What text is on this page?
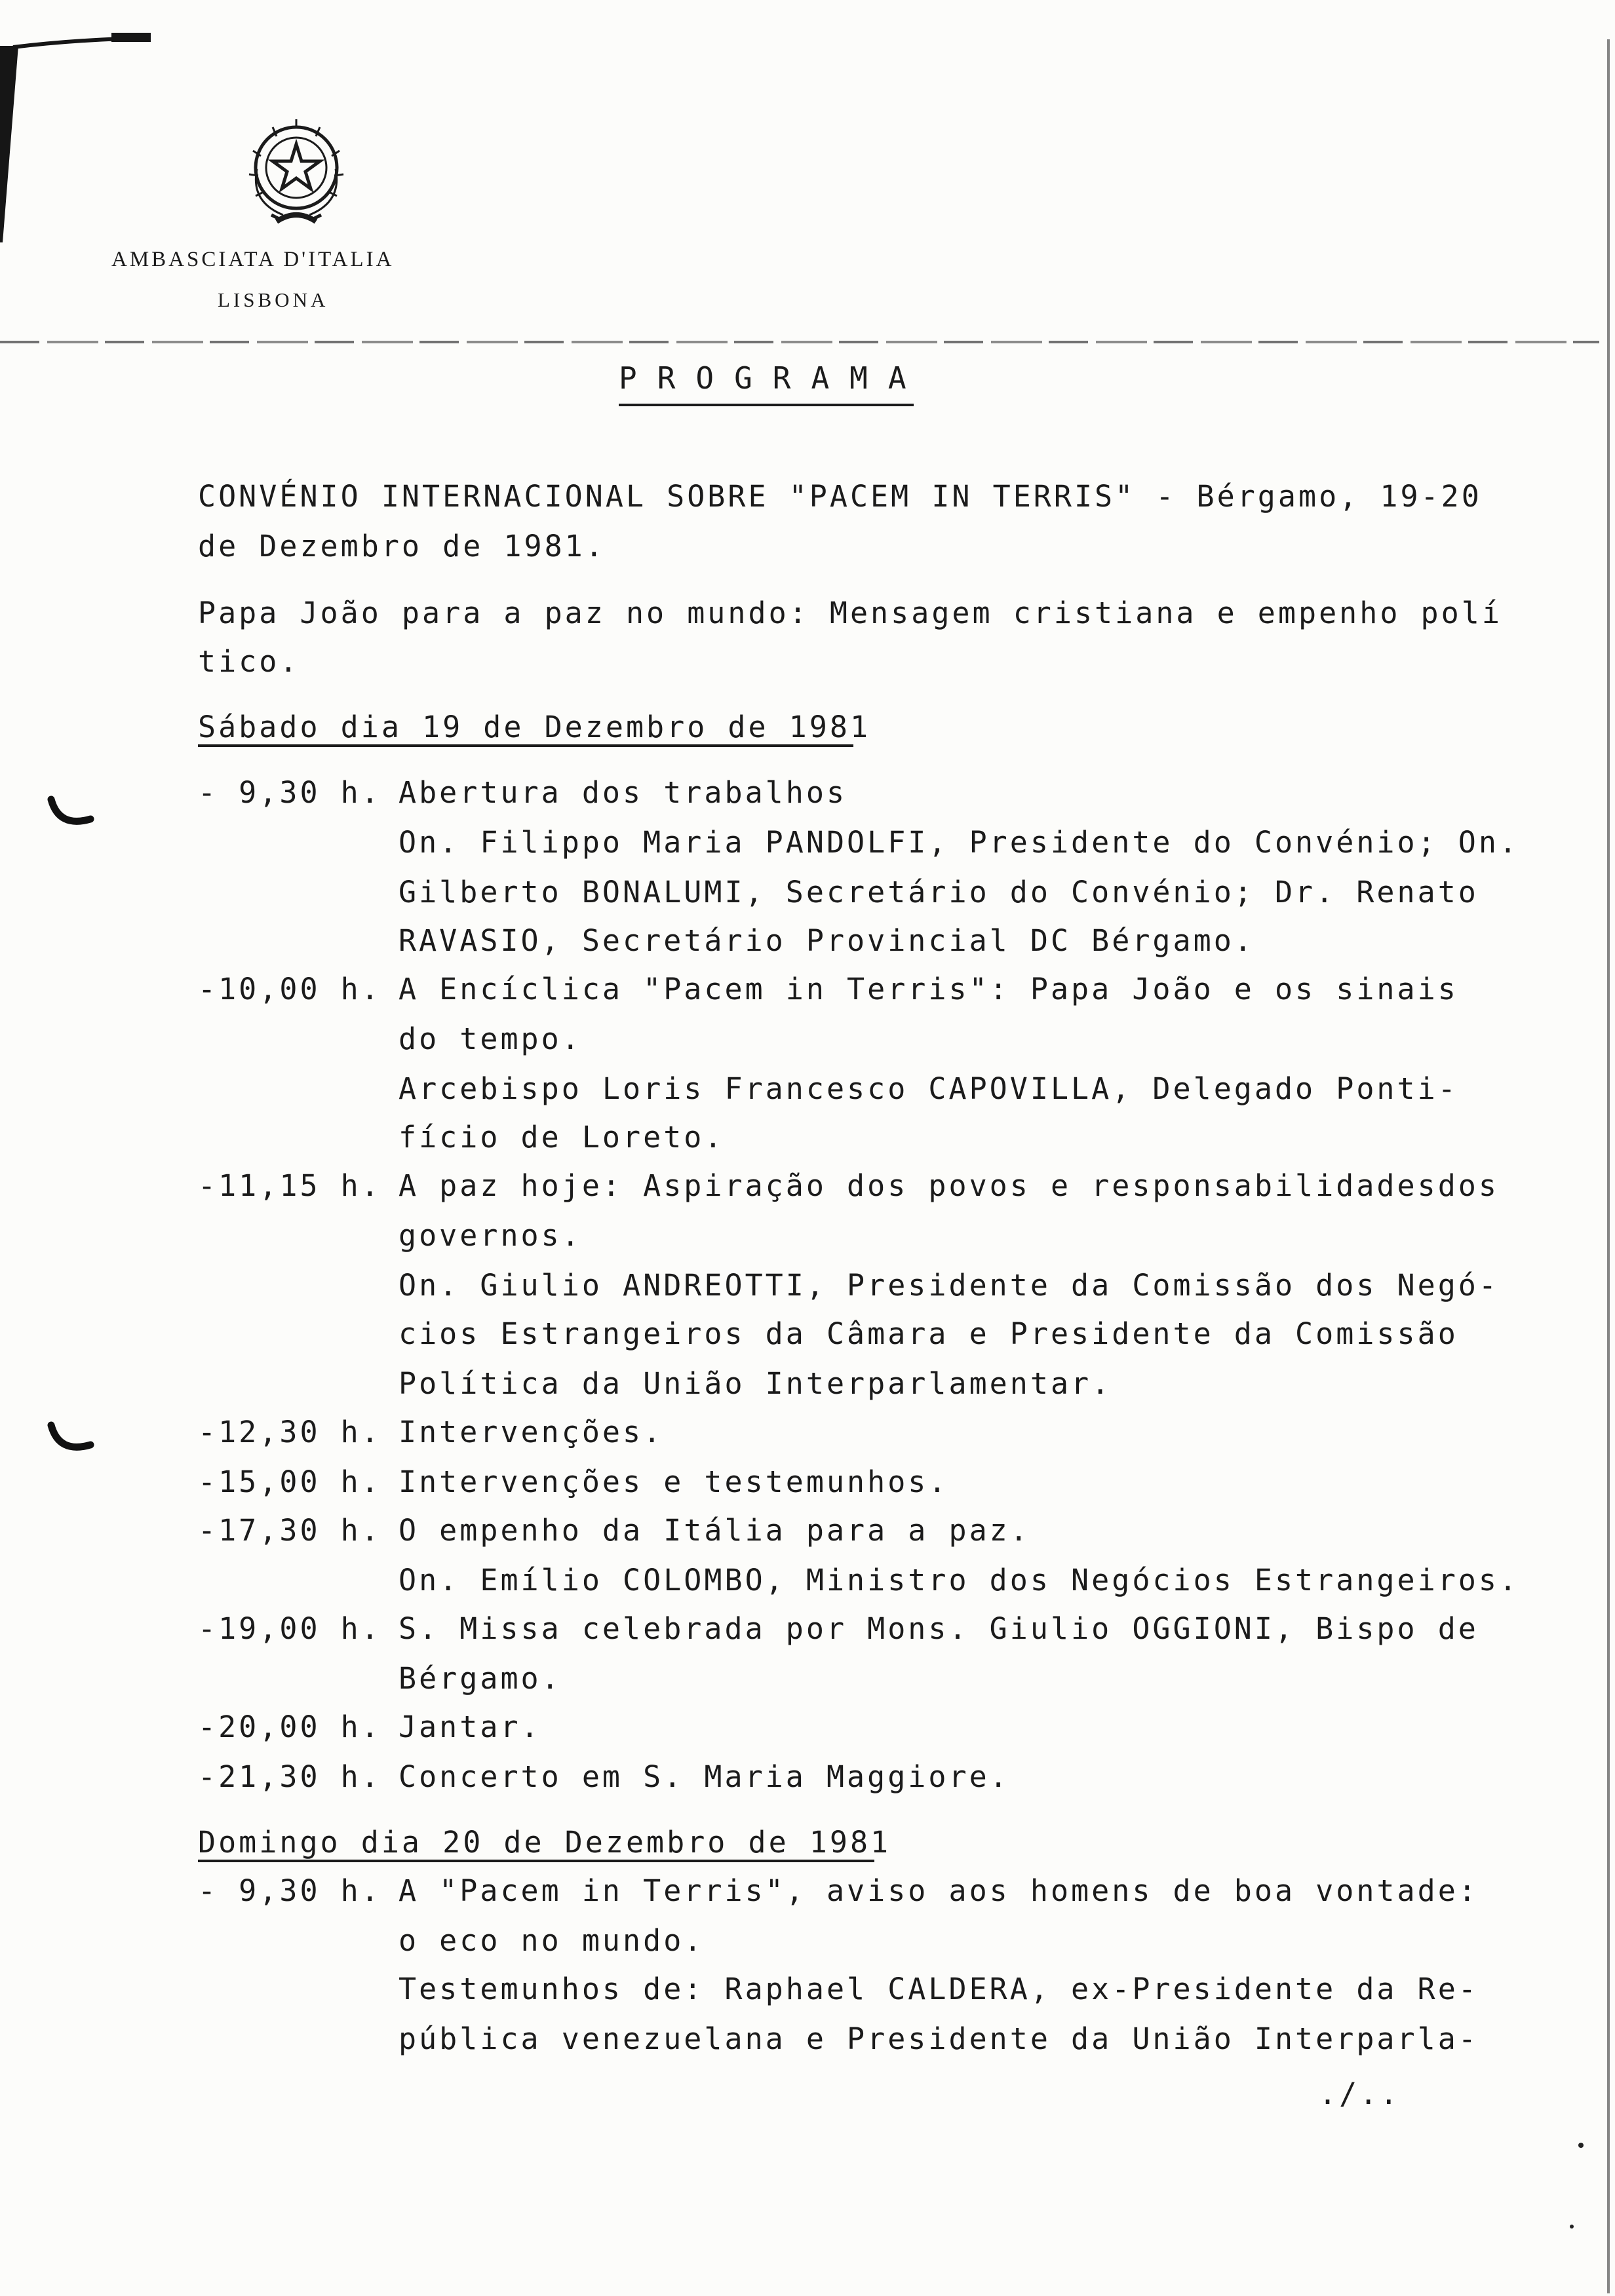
AMBASCIATA D'ITALIA
LISBONA
PROGRAMA
CONVÉNIO INTERNACIONAL SOBRE "PACEM IN TERRIS" - Bérgamo, 19-20
de Dezembro de 1981.
Papa João para a paz no mundo: Mensagem cristiana e empenho polí
tico.
Sábado dia 19 de Dezembro de 1981
- 9,30 h. Abertura dos trabalhos
On. Filippo Maria PANDOLFI, Presidente do Convénio; On.
Gilberto BONALUMI, Secretário do Convénio; Dr. Renato
RAVASIO, Secretário Provincial DC Bérgamo.
-10,00 h. A Encíclica "Pacem in Terris": Papa João e os sinais
do tempo.
Arcebispo Loris Francesco CAPOVILLA, Delegado Ponti-
fício de Loreto.
-11,15 h. A paz hoje: Aspiração dos povos e responsabilidadesdos
governos.
On. Giulio ANDREOTTI, Presidente da Comissão dos Negó-
cios Estrangeiros da Câmara e Presidente da Comissão
Política da União Interparlamentar.
-12,30 h. Intervenções.
-15,00 h. Intervenções e testemunhos.
-17,30 h. O empenho da Itália para a paz.
On. Emílio COLOMBO, Ministro dos Negócios Estrangeiros.
-19,00 h. S. Missa celebrada por Mons. Giulio OGGIONI, Bispo de
Bérgamo.
-20,00 h. Jantar.
-21,30 h. Concerto em S. Maria Maggiore.
Domingo dia 20 de Dezembro de 1981
- 9,30 h. A "Pacem in Terris", aviso aos homens de boa vontade:
o eco no mundo.
Testemunhos de: Raphael CALDERA, ex-Presidente da Re-
pública venezuelana e Presidente da União Interparla-
./..
